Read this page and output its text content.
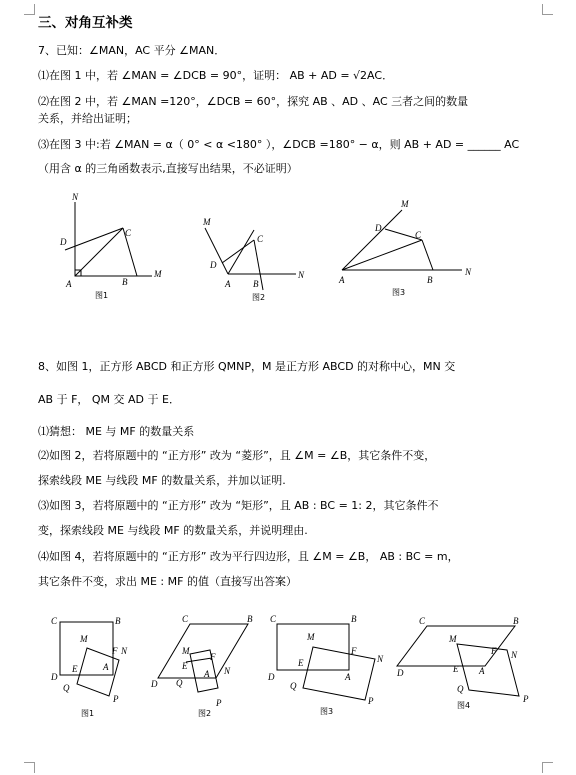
三、对角互补类
7、已知：∠MAN，AC 平分 ∠MAN．
⑴在图 1 中，若 ∠MAN = ∠DCB = 90°，证明： AB + AD = √2AC．
⑵在图 2 中，若 ∠MAN =120°，∠DCB = 60°，探究 AB 、AD 、AC 三者之间的数量
关系，并给出证明；
⑶在图 3 中:若 ∠MAN = α（ 0° < α <180° ），∠DCB =180° − α，则 AB + AD = ______ AC
（用含 α 的三角函数表示,直接写出结果，不必证明）
N
D
C
A	B
M
图1
M
C
D
A	B
N
图2
M
D
C
A	B
N
图3
8、如图 1，正方形 ABCD 和正方形 QMNP，M 是正方形 ABCD 的对称中心，MN 交
AB 于 F， QM 交 AD 于 E．
⑴猜想： ME 与 MF 的数量关系
⑵如图 2，若将原题中的 “正方形” 改为 “菱形”，且 ∠M = ∠B，其它条件不变，
探索线段 ME 与线段 MF 的数量关系，并加以证明.
⑶如图 3，若将原题中的 “正方形” 改为 “矩形”，且 AB : BC = 1: 2，其它条件不
变，探索线段 ME 与线段 MF 的数量关系，并说明理由.
⑷如图 4，若将原题中的 “正方形” 改为平行四边形，且 ∠M = ∠B， AB : BC = m，
其它条件不变，求出 ME : MF 的值（直接写出答案）
C	B
M
F N
E	A
D
Q
P
图1
C	B
M
F
E
A N
D Q
P
图2
C	B
M
F
N
E
A
D
Q
P
图3
C	B
M
F N
E A
D
Q
P
图4
